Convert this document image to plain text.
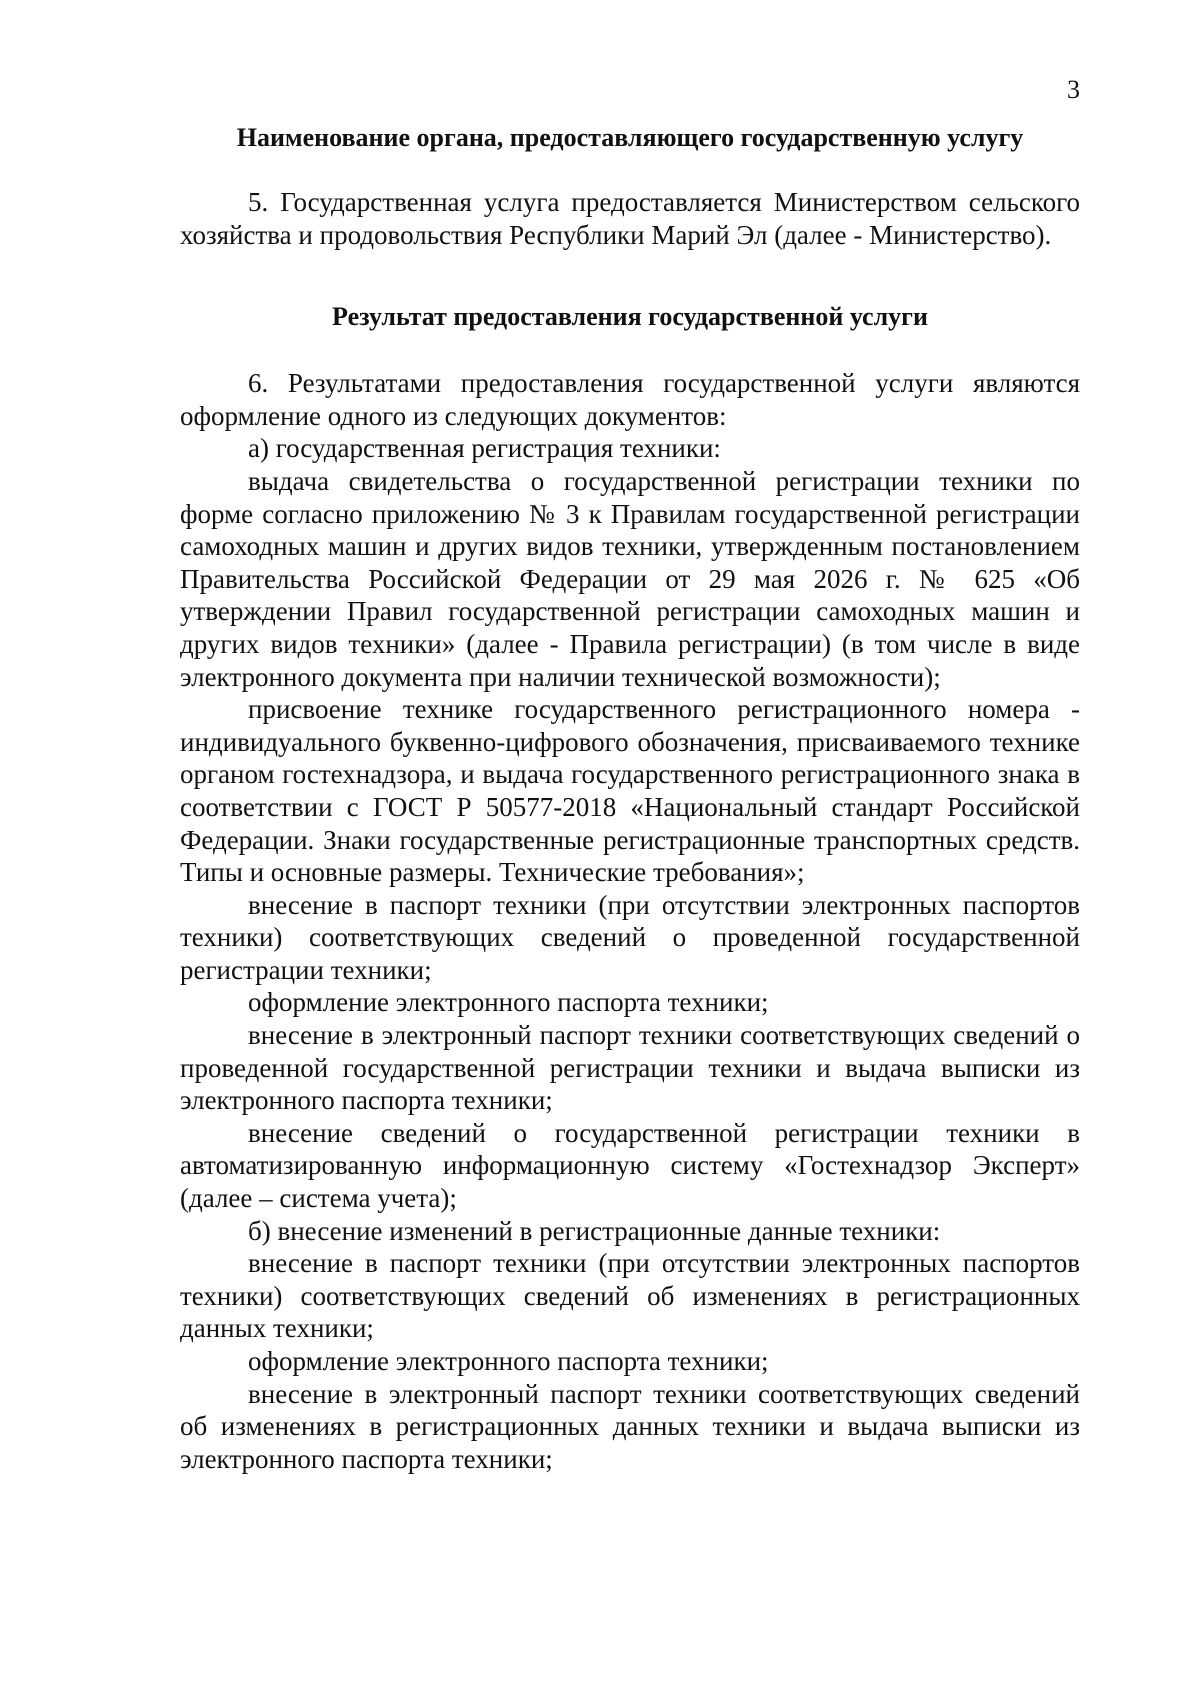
3
Наименование органа, предоставляющего государственную услугу

5. Государственная услуга предоставляется Министерством сельского хозяйства и продовольствия Республики Марий Эл (далее - Министерство).

Результат предоставления государственной услуги

6. Результатами предоставления государственной услуги являются оформление одного из следующих документов:

а) государственная регистрация техники:

выдача свидетельства о государственной регистрации техники по форме согласно приложению № 3 к Правилам государственной регистрации самоходных машин и других видов техники, утвержденным постановлением Правительства Российской Федерации от 29 мая 2026 г. № 625 «Об утверждении Правил государственной регистрации самоходных машин и других видов техники» (далее - Правила регистрации) (в том числе в виде электронного документа при наличии технической возможности);

присвоение технике государственного регистрационного номера - индивидуального буквенно-цифрового обозначения, присваиваемого технике органом гостехнадзора, и выдача государственного регистрационного знака в соответствии с ГОСТ Р 50577-2018 «Национальный стандарт Российской Федерации. Знаки государственные регистрационные транспортных средств. Типы и основные размеры. Технические требования»;

внесение в паспорт техники (при отсутствии электронных паспортов техники) соответствующих сведений о проведенной государственной регистрации техники;

оформление электронного паспорта техники;

внесение в электронный паспорт техники соответствующих сведений о проведенной государственной регистрации техники и выдача выписки из электронного паспорта техники;

внесение сведений о государственной регистрации техники в автоматизированную информационную систему «Гостехнадзор Эксперт» (далее – система учета);

б) внесение изменений в регистрационные данные техники:

внесение в паспорт техники (при отсутствии электронных паспортов техники) соответствующих сведений об изменениях в регистрационных данных техники;

оформление электронного паспорта техники;

внесение в электронный паспорт техники соответствующих сведений об изменениях в регистрационных данных техники и выдача выписки из электронного паспорта техники;
